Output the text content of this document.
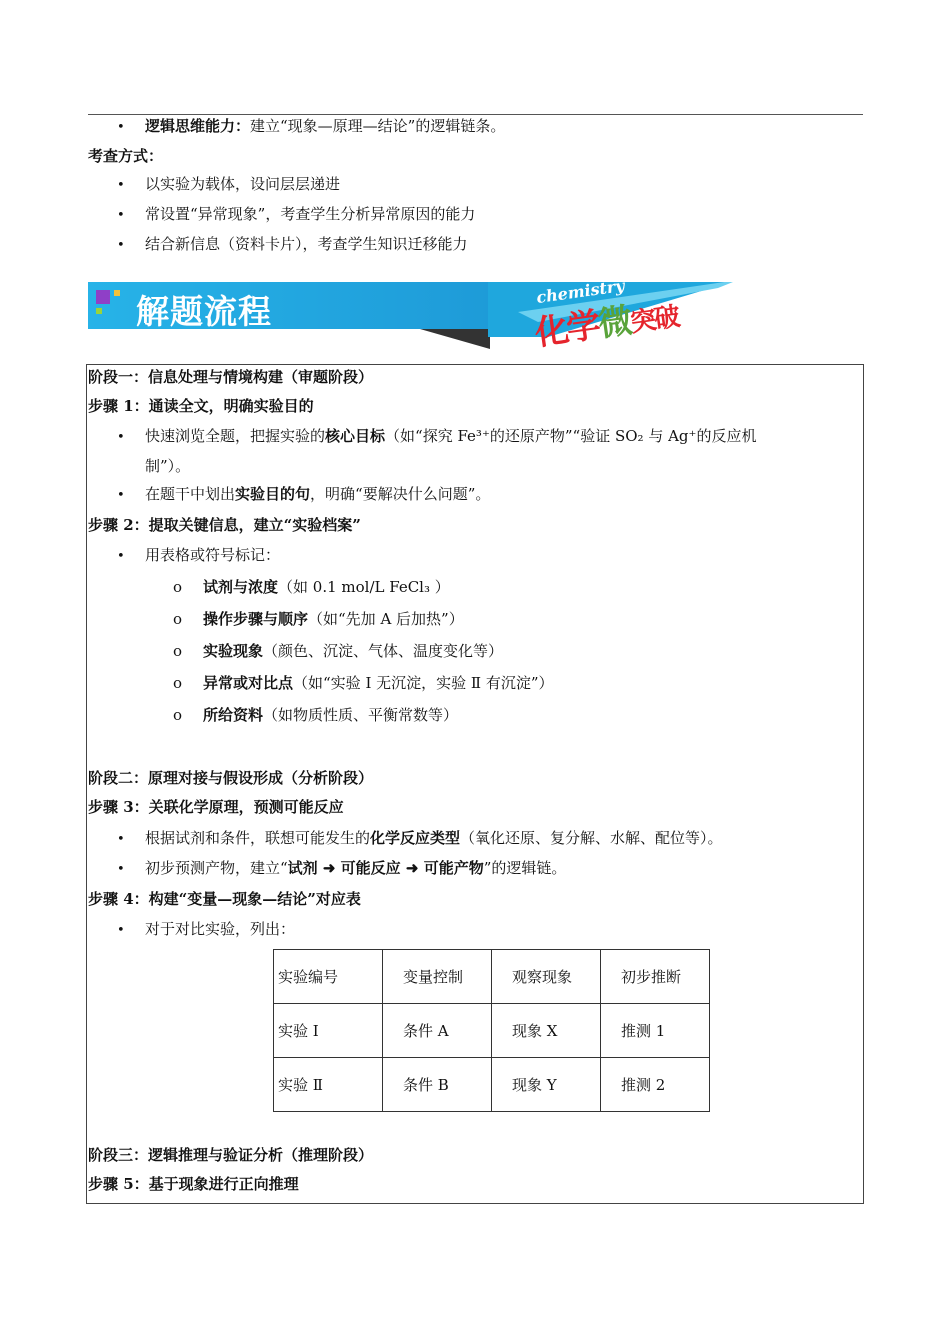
• 逻辑思维能力：建立“现象—原理—结论”的逻辑链条。
考查方式：
• 以实验为载体，设问层层递进
• 常设置“异常现象”，考查学生分析异常原因的能力
• 结合新信息（资料卡片），考查学生知识迁移能力
解题流程
chemistry
化学微突破
阶段一：信息处理与情境构建（审题阶段）
步骤 1：通读全文，明确实验目的
• 快速浏览全题，把握实验的核心目标（如“探究 Fe³⁺的还原产物”“验证 SO₂ 与 Ag⁺的反应机
制”）。
• 在题干中划出实验目的句，明确“要解决什么问题”。
步骤 2：提取关键信息，建立“实验档案”
• 用表格或符号标记：
o 试剂与浓度（如 0.1 mol/L FeCl₃ ）
o 操作步骤与顺序（如“先加 A 后加热”）
o 实验现象（颜色、沉淀、气体、温度变化等）
o 异常或对比点（如“实验 Ⅰ 无沉淀，实验 Ⅱ 有沉淀”）
o 所给资料（如物质性质、平衡常数等）
阶段二：原理对接与假设形成（分析阶段）
步骤 3：关联化学原理，预测可能反应
• 根据试剂和条件，联想可能发生的化学反应类型（氧化还原、复分解、水解、配位等）。
• 初步预测产物，建立“试剂 ➜ 可能反应 ➜ 可能产物”的逻辑链。
步骤 4：构建“变量—现象—结论”对应表
• 对于对比实验，列出：
实验编号	变量控制	观察现象	初步推断
实验 Ⅰ	条件 A	现象 X	推测 1
实验 Ⅱ	条件 B	现象 Y	推测 2
阶段三：逻辑推理与验证分析（推理阶段）
步骤 5：基于现象进行正向推理
